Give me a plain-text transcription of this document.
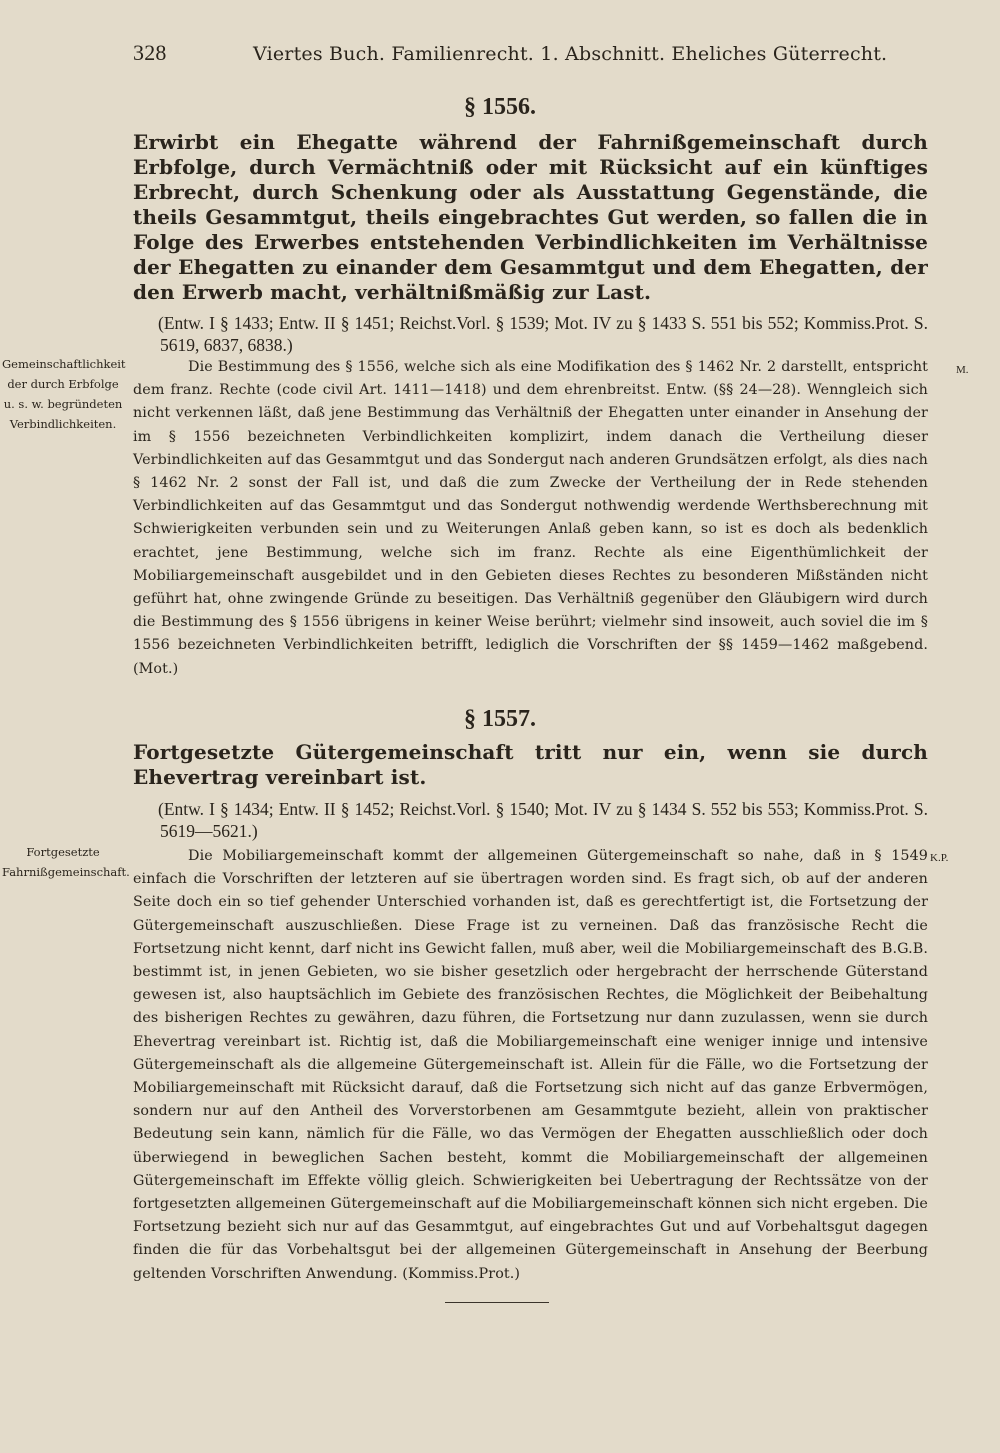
328	Viertes Buch. Familienrecht. 1. Abschnitt. Eheliches Güterrecht.
§ 1556.
Erwirbt ein Ehegatte während der Fahrnißgemeinschaft durch Erbfolge, durch Vermächtniß oder mit Rücksicht auf ein künftiges Erbrecht, durch Schenkung oder als Ausstattung Gegenstände, die theils Gesammtgut, theils eingebrachtes Gut werden, so fallen die in Folge des Erwerbes entstehenden Verbindlichkeiten im Verhältnisse der Ehegatten zu einander dem Gesammtgut und dem Ehegatten, der den Erwerb macht, verhältnißmäßig zur Last.
(Entw. I § 1433; Entw. II § 1451; Reichst.Vorl. § 1539; Mot. IV zu § 1433 S. 551 bis 552; Kommiss.Prot. S. 5619, 6837, 6838.)
Gemeinschaftlichkeit der durch Erbfolge u. s. w. begründeten Verbindlichkeiten.
M.
Die Bestimmung des § 1556, welche sich als eine Modifikation des § 1462 Nr. 2 darstellt, entspricht dem franz. Rechte (code civil Art. 1411—1418) und dem ehrenbreitst. Entw. (§§ 24—28). Wenngleich sich nicht verkennen läßt, daß jene Bestimmung das Verhältniß der Ehegatten unter einander in Ansehung der im § 1556 bezeichneten Verbindlichkeiten komplizirt, indem danach die Vertheilung dieser Verbindlichkeiten auf das Gesammtgut und das Sondergut nach anderen Grundsätzen erfolgt, als dies nach § 1462 Nr. 2 sonst der Fall ist, und daß die zum Zwecke der Vertheilung der in Rede stehenden Verbindlichkeiten auf das Gesammtgut und das Sondergut nothwendig werdende Werthsberechnung mit Schwierigkeiten verbunden sein und zu Weiterungen Anlaß geben kann, so ist es doch als bedenklich erachtet, jene Bestimmung, welche sich im franz. Rechte als eine Eigenthümlichkeit der Mobiliargemeinschaft ausgebildet und in den Gebieten dieses Rechtes zu besonderen Mißständen nicht geführt hat, ohne zwingende Gründe zu beseitigen. Das Verhältniß gegenüber den Gläubigern wird durch die Bestimmung des § 1556 übrigens in keiner Weise berührt; vielmehr sind insoweit, auch soviel die im § 1556 bezeichneten Verbindlichkeiten betrifft, lediglich die Vorschriften der §§ 1459—1462 maßgebend. (Mot.)
§ 1557.
Fortgesetzte Gütergemeinschaft tritt nur ein, wenn sie durch Ehevertrag vereinbart ist.
(Entw. I § 1434; Entw. II § 1452; Reichst.Vorl. § 1540; Mot. IV zu § 1434 S. 552 bis 553; Kommiss.Prot. S. 5619—5621.)
Fortgesetzte Fahrnißgemeinschaft.
K.P.
Die Mobiliargemeinschaft kommt der allgemeinen Gütergemeinschaft so nahe, daß in § 1549 einfach die Vorschriften der letzteren auf sie übertragen worden sind. Es fragt sich, ob auf der anderen Seite doch ein so tief gehender Unterschied vorhanden ist, daß es gerechtfertigt ist, die Fortsetzung der Gütergemeinschaft auszuschließen. Diese Frage ist zu verneinen. Daß das französische Recht die Fortsetzung nicht kennt, darf nicht ins Gewicht fallen, muß aber, weil die Mobiliargemeinschaft des B.G.B. bestimmt ist, in jenen Gebieten, wo sie bisher gesetzlich oder hergebracht der herrschende Güterstand gewesen ist, also hauptsächlich im Gebiete des französischen Rechtes, die Möglichkeit der Beibehaltung des bisherigen Rechtes zu gewähren, dazu führen, die Fortsetzung nur dann zuzulassen, wenn sie durch Ehevertrag vereinbart ist. Richtig ist, daß die Mobiliargemeinschaft eine weniger innige und intensive Gütergemeinschaft als die allgemeine Gütergemeinschaft ist. Allein für die Fälle, wo die Fortsetzung der Mobiliargemeinschaft mit Rücksicht darauf, daß die Fortsetzung sich nicht auf das ganze Erbvermögen, sondern nur auf den Antheil des Vorverstorbenen am Gesammtgute bezieht, allein von praktischer Bedeutung sein kann, nämlich für die Fälle, wo das Vermögen der Ehegatten ausschließlich oder doch überwiegend in beweglichen Sachen besteht, kommt die Mobiliargemeinschaft der allgemeinen Gütergemeinschaft im Effekte völlig gleich. Schwierigkeiten bei Uebertragung der Rechtssätze von der fortgesetzten allgemeinen Gütergemeinschaft auf die Mobiliargemeinschaft können sich nicht ergeben. Die Fortsetzung bezieht sich nur auf das Gesammtgut, auf eingebrachtes Gut und auf Vorbehaltsgut dagegen finden die für das Vorbehaltsgut bei der allgemeinen Gütergemeinschaft in Ansehung der Beerbung geltenden Vorschriften Anwendung. (Kommiss.Prot.)
